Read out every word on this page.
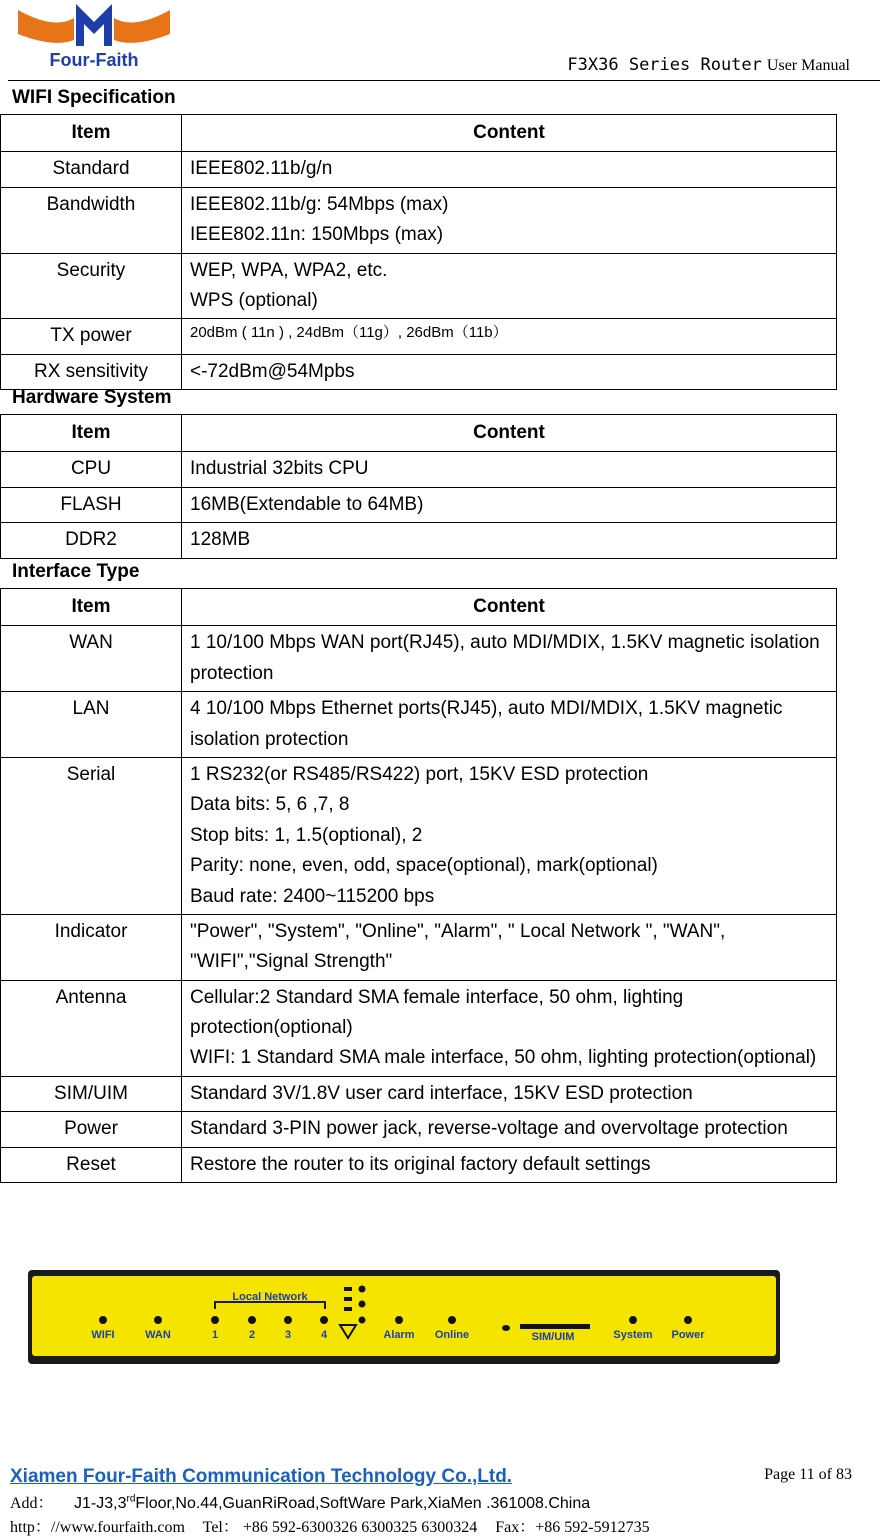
Four-Faith	F3X36 Series Router User Manual
WIFI Specification
Item	Content
Standard	IEEE802.11b/g/n

Bandwidth	IEEE802.11b/g: 54Mbps (max)
IEEE802.11n: 150Mbps (max)

Security	WEP, WPA, WPA2, etc.
WPS (optional)

TX power	20dBm ( 11n ) , 24dBm（11g）, 26dBm（11b）

RX sensitivity	<-72dBm@54Mpbs
Hardware System
Item	Content
CPU	Industrial 32bits CPU

FLASH	16MB(Extendable to 64MB)

DDR2	128MB
Interface Type
Item	Content
WAN	1 10/100 Mbps WAN port(RJ45), auto MDI/MDIX, 1.5KV magnetic isolation protection

LAN	4 10/100 Mbps Ethernet ports(RJ45), auto MDI/MDIX, 1.5KV magnetic isolation protection

Serial	1 RS232(or RS485/RS422) port, 15KV ESD protection
Data bits: 5, 6 ,7, 8
Stop bits: 1, 1.5(optional), 2
Parity: none, even, odd, space(optional), mark(optional)
Baud rate: 2400~115200 bps

Indicator	"Power", "System", "Online", "Alarm", " Local Network ", "WAN", "WIFI","Signal Strength"

Antenna	Cellular:2 Standard SMA female interface, 50 ohm, lighting protection(optional)
WIFI: 1 Standard SMA male interface, 50 ohm, lighting protection(optional)

SIM/UIM	Standard 3V/1.8V user card interface, 15KV ESD protection

Power	Standard 3-PIN power jack, reverse-voltage and overvoltage protection

Reset	Restore the router to its original factory default settings
Local Network
WIFI	WAN	1	2	3	4	Alarm Online	SIM/UIM	System Power
Xiamen Four-Faith Communication Technology Co.,Ltd.	Page 11 of 83
Add： J1-J3,3rdFloor,No.44,GuanRiRoad,SoftWare Park,XiaMen .361008.China
http：//www.fourfaith.com Tel： +86 592-6300326 6300325 6300324 Fax：+86 592-5912735
